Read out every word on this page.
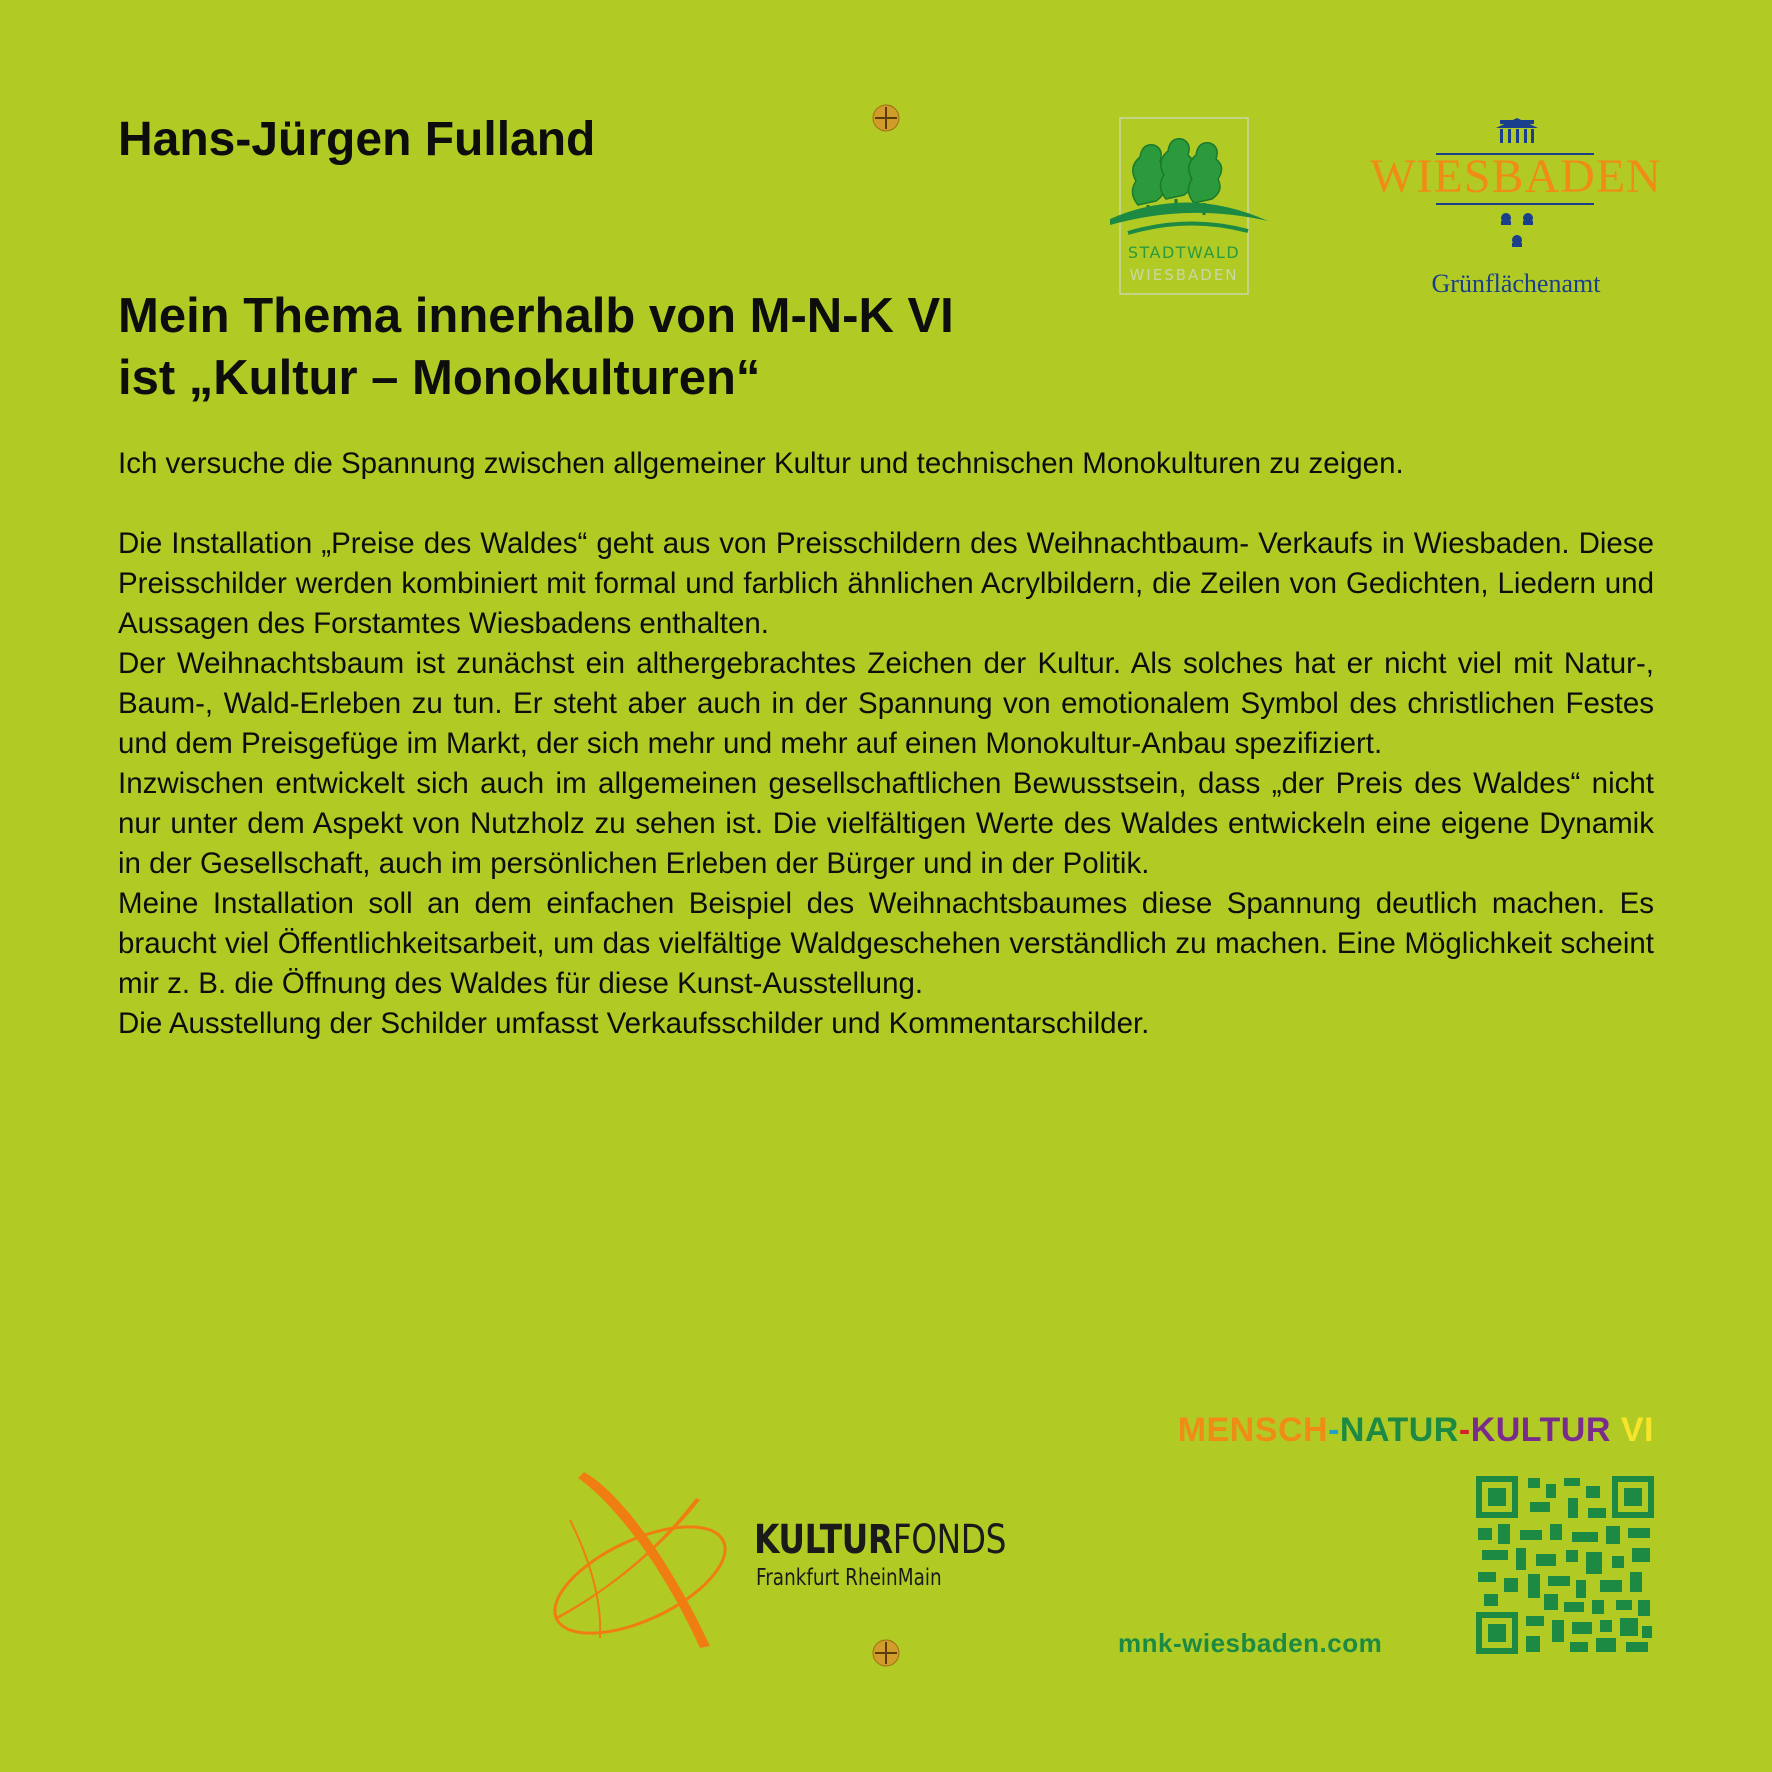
Hans-Jürgen Fulland
Mein Thema innerhalb von M-N-K VI
ist „Kultur – Monokulturen“
STADTWALD
WIESBADEN
WIESBADEN
Grünflächenamt

Ich versuche die Spannung zwischen allgemeiner Kultur und technischen Monokulturen zu zeigen.

Die Installation „Preise des Waldes“ geht aus von Preisschildern des Weihnachtbaum- Verkaufs in Wiesbaden. Diese Preisschilder werden kombiniert mit formal und farblich ähnlichen Acrylbildern, die Zeilen von Gedichten, Liedern und Aussagen des Forstamtes Wiesbadens enthalten.

Der Weihnachtsbaum ist zunächst ein althergebrachtes Zeichen der Kultur. Als solches hat er nicht viel mit Natur-, Baum-, Wald-Erleben zu tun. Er steht aber auch in der Spannung von emotionalem Symbol des christlichen Festes und dem Preisgefüge im Markt, der sich mehr und mehr auf einen Monokultur-Anbau spezifiziert.

Inzwischen entwickelt sich auch im allgemeinen gesellschaftlichen Bewusstsein, dass „der Preis des Waldes“ nicht nur unter dem Aspekt von Nutzholz zu sehen ist. Die vielfältigen Werte des Waldes entwickeln eine eigene Dynamik in der Gesellschaft, auch im persönlichen Erleben der Bürger und in der Politik.

Meine Installation soll an dem einfachen Beispiel des Weihnachtsbaumes diese Spannung deutlich machen. Es braucht viel Öffentlichkeitsarbeit, um das vielfältige Waldgeschehen verständlich zu machen. Eine Möglichkeit scheint mir z. B. die Öffnung des Waldes für diese Kunst-Ausstellung.

Die Ausstellung der Schilder umfasst Verkaufsschilder und Kommentarschilder.

KULTURFONDS
Frankfurt RheinMain
MENSCH-NATUR-KULTUR VI
mnk-wiesbaden.com
